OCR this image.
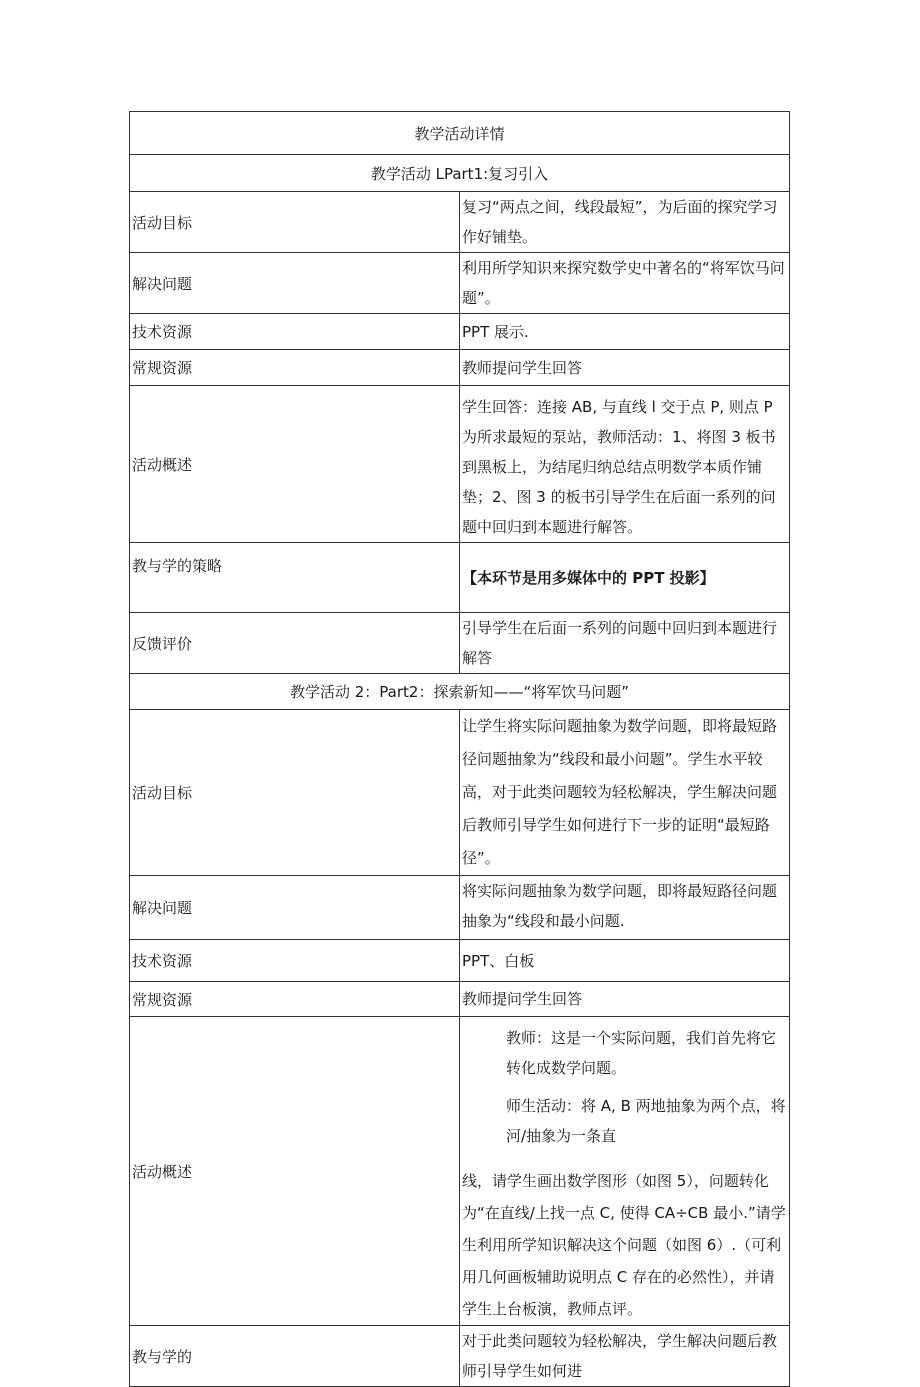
教学活动详情	
教学活动 LPart1:复习引入	
活动目标	复习“两点之间，线段最短”，为后面的探究学习作好铺垫。
解决问题	利用所学知识来探究数学史中著名的“将军饮马问题”。
技术资源	PPT 展示.
常规资源	教师提问学生回答
活动概述	学生回答：连接 AB, 与直线 l 交于点 P, 则点 P 为所求最短的泵站，教师活动：1、将图 3 板书到黑板上，为结尾归纳总结点明数学本质作铺垫；2、图 3 的板书引导学生在后面一系列的问题中回归到本题进行解答。

教与学的策略	【本环节是用多媒体中的 PPT 投影】
反馈评价	引导学生在后面一系列的问题中回归到本题进行解答
教学活动 2：Part2：探索新知——“将军饮马问题”	
活动目标	让学生将实际问题抽象为数学问题，即将最短路径问题抽象为“线段和最小问题”。学生水平较高，对于此类问题较为轻松解决，学生解决问题后教师引导学生如何进行下一步的证明“最短路径”。
解决问题	将实际问题抽象为数学问题，即将最短路径问题抽象为“线段和最小问题.
技术资源	PPT、白板
常规资源	教师提问学生回答
活动概述	教师：这是一个实际问题，我们首先将它转化成数学问题。

师生活动：将 A, B 两地抽象为两个点，将河/抽象为一条直

线，请学生画出数学图形（如图 5），问题转化为“在直线/上找一点 C, 使得 CA÷CB 最小.”请学生利用所学知识解决这个问题（如图 6）.（可利用几何画板辅助说明点 C 存在的必然性），并请学生上台板演，教师点评。

教与学的	对于此类问题较为轻松解决，学生解决问题后教师引导学生如何进
